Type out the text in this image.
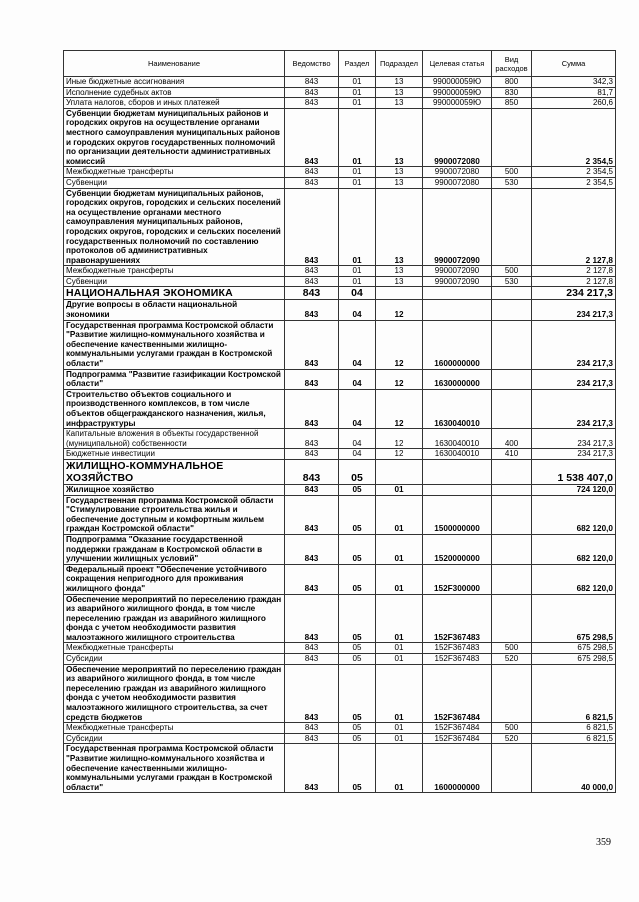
Наименование	Ведомство	Раздел	Подраздел	Целевая статья	Вид расходов	Сумма
Иные бюджетные ассигнования	843	01	13	990000059Ю	800	342,3
Исполнение судебных актов	843	01	13	990000059Ю	830	81,7
Уплата налогов, сборов и иных платежей	843	01	13	990000059Ю	850	260,6
Субвенции бюджетам муниципальных районов и городских округов на осуществление органами местного самоуправления муниципальных районов и городских округов государственных полномочий по организации деятельности административных комиссий	843	01	13	9900072080		2 354,5
Межбюджетные трансферты	843	01	13	9900072080	500	2 354,5
Субвенции	843	01	13	9900072080	530	2 354,5
Субвенции бюджетам муниципальных районов, городских округов, городских и сельских поселений на осуществление органами местного самоуправления муниципальных районов, городских округов, городских и сельских поселений государственных полномочий по составлению протоколов об административных правонарушениях	843	01	13	9900072090		2 127,8
Межбюджетные трансферты	843	01	13	9900072090	500	2 127,8
Субвенции	843	01	13	9900072090	530	2 127,8
НАЦИОНАЛЬНАЯ ЭКОНОМИКА	843	04				234 217,3
Другие вопросы в области национальной экономики	843	04	12			234 217,3
Государственная программа Костромской области "Развитие жилищно-коммунального хозяйства и обеспечение качественными жилищно-коммунальными услугами граждан в Костромской области"	843	04	12	1600000000		234 217,3
Подпрограмма "Развитие газификации Костромской области"	843	04	12	1630000000		234 217,3
Строительство объектов социального и производственного комплексов, в том числе объектов общегражданского назначения, жилья, инфраструктуры	843	04	12	1630040010		234 217,3
Капитальные вложения в объекты государственной (муниципальной) собственности	843	04	12	1630040010	400	234 217,3
Бюджетные инвестиции	843	04	12	1630040010	410	234 217,3
ЖИЛИЩНО-КОММУНАЛЬНОЕ ХОЗЯЙСТВО	843	05				1 538 407,0
Жилищное хозяйство	843	05	01			724 120,0
Государственная программа Костромской области "Стимулирование строительства жилья и обеспечение доступным и комфортным жильем граждан Костромской области"	843	05	01	1500000000		682 120,0
Подпрограмма "Оказание государственной поддержки гражданам в Костромской области в улучшении жилищных условий"	843	05	01	1520000000		682 120,0
Федеральный проект "Обеспечение устойчивого сокращения непригодного для проживания жилищного фонда"	843	05	01	152F300000		682 120,0
Обеспечение мероприятий по переселению граждан из аварийного жилищного фонда, в том числе переселению граждан из аварийного жилищного фонда с учетом необходимости развития малоэтажного жилищного строительства	843	05	01	152F367483		675 298,5
Межбюджетные трансферты	843	05	01	152F367483	500	675 298,5
Субсидии	843	05	01	152F367483	520	675 298,5
Обеспечение мероприятий по переселению граждан из аварийного жилищного фонда, в том числе переселению граждан из аварийного жилищного фонда с учетом необходимости развития малоэтажного жилищного строительства, за счет средств бюджетов	843	05	01	152F367484		6 821,5
Межбюджетные трансферты	843	05	01	152F367484	500	6 821,5
Субсидии	843	05	01	152F367484	520	6 821,5
Государственная программа Костромской области "Развитие жилищно-коммунального хозяйства и обеспечение качественными жилищно-коммунальными услугами граждан в Костромской области"	843	05	01	1600000000		40 000,0
359
